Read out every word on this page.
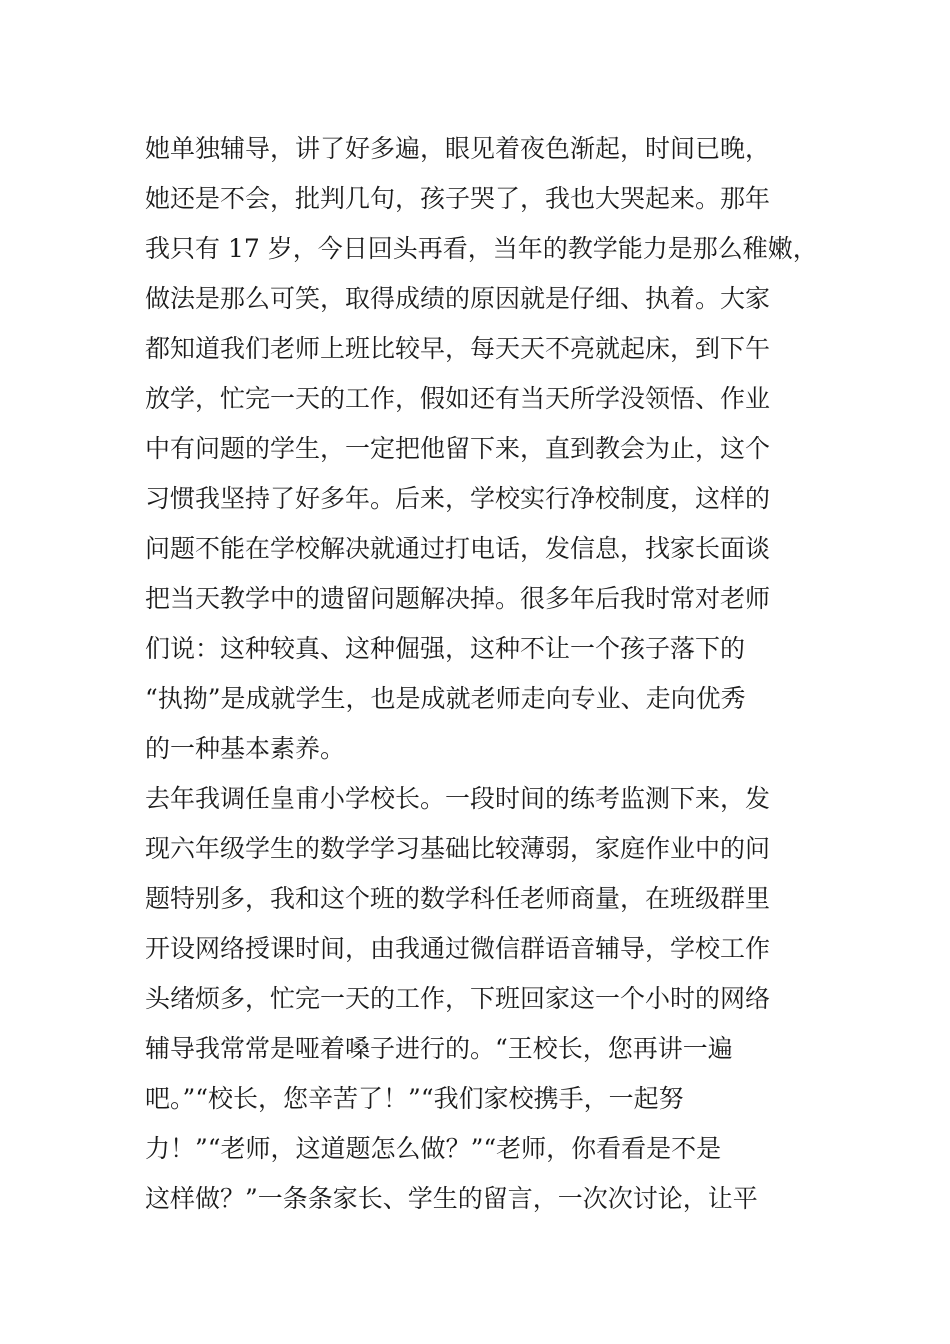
她单独辅导，讲了好多遍，眼见着夜色渐起，时间已晚，
她还是不会，批判几句，孩子哭了，我也大哭起来。那年
我只有 17 岁，今日回头再看，当年的教学能力是那么稚嫩，
做法是那么可笑，取得成绩的原因就是仔细、执着。大家
都知道我们老师上班比较早，每天天不亮就起床，到下午
放学，忙完一天的工作，假如还有当天所学没领悟、作业
中有问题的学生，一定把他留下来，直到教会为止，这个
习惯我坚持了好多年。后来，学校实行净校制度，这样的
问题不能在学校解决就通过打电话，发信息，找家长面谈
把当天教学中的遗留问题解决掉。很多年后我时常对老师
们说：这种较真、这种倔强，这种不让一个孩子落下的
“执拗”是成就学生，也是成就老师走向专业、走向优秀
的一种基本素养。
去年我调任皇甫小学校长。一段时间的练考监测下来，发
现六年级学生的数学学习基础比较薄弱，家庭作业中的问
题特别多，我和这个班的数学科任老师商量，在班级群里
开设网络授课时间，由我通过微信群语音辅导，学校工作
头绪烦多，忙完一天的工作，下班回家这一个小时的网络
辅导我常常是哑着嗓子进行的。“王校长，您再讲一遍
吧。”“校长，您辛苦了！”“我们家校携手，一起努
力！”“老师，这道题怎么做？”“老师，你看看是不是
这样做？”一条条家长、学生的留言，一次次讨论，让平
